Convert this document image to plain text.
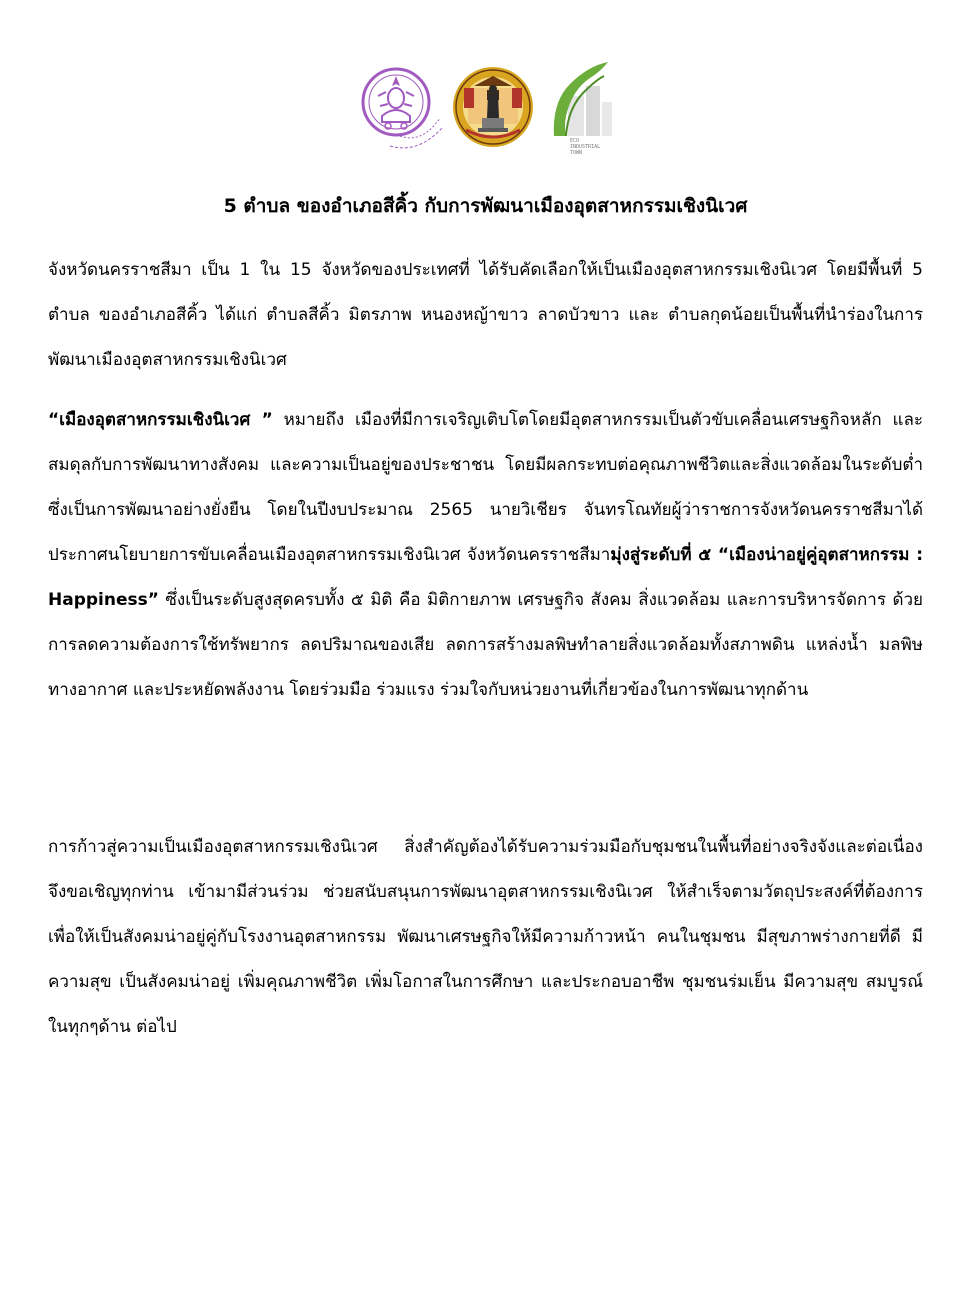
ECO
INDUSTRIAL
TOWN
5 ตำบล ของอำเภอสีคิ้ว กับการพัฒนาเมืองอุตสาหกรรมเชิงนิเวศ

จังหวัดนครราชสีมา เป็น 1 ใน 15 จังหวัดของประเทศที่ ได้รับคัดเลือกให้เป็นเมืองอุตสาหกรรมเชิงนิเวศ โดยมีพื้นที่ 5 ตำบล ของอำเภอสีคิ้ว ได้แก่ ตำบลสีคิ้ว มิตรภาพ หนองหญ้าขาว ลาดบัวขาว และ ตำบลกุดน้อยเป็นพื้นที่นำร่องในการพัฒนาเมืองอุตสาหกรรมเชิงนิเวศ

“เมืองอุตสาหกรรมเชิงนิเวศ ” หมายถึง เมืองที่มีการเจริญเติบโตโดยมีอุตสาหกรรมเป็นตัวขับเคลื่อนเศรษฐกิจหลัก และสมดุลกับการพัฒนาทางสังคม และความเป็นอยู่ของประชาชน โดยมีผลกระทบต่อคุณภาพชีวิตและสิ่งแวดล้อมในระดับต่ำ ซึ่งเป็นการพัฒนาอย่างยั่งยืน โดยในปีงบประมาณ 2565 นายวิเชียร จันทรโณทัยผู้ว่าราชการจังหวัดนครราชสีมาได้ประกาศนโยบายการขับเคลื่อนเมืองอุตสาหกรรมเชิงนิเวศ จังหวัดนครราชสีมามุ่งสู่ระดับที่ ๕ “เมืองน่าอยู่คู่อุตสาหกรรม : Happiness” ซึ่งเป็นระดับสูงสุดครบทั้ง ๕ มิติ คือ มิติกายภาพ เศรษฐกิจ สังคม สิ่งแวดล้อม และการบริหารจัดการ ด้วยการลดความต้องการใช้ทรัพยากร ลดปริมาณของเสีย ลดการสร้างมลพิษทำลายสิ่งแวดล้อมทั้งสภาพดิน แหล่งน้ำ มลพิษทางอากาศ และประหยัดพลังงาน โดยร่วมมือ ร่วมแรง ร่วมใจกับหน่วยงานที่เกี่ยวข้องในการพัฒนาทุกด้าน

การก้าวสู่ความเป็นเมืองอุตสาหกรรมเชิงนิเวศ สิ่งสำคัญต้องได้รับความร่วมมือกับชุมชนในพื้นที่อย่างจริงจังและต่อเนื่อง จึงขอเชิญทุกท่าน เข้ามามีส่วนร่วม ช่วยสนับสนุนการพัฒนาอุตสาหกรรมเชิงนิเวศ ให้สำเร็จตามวัตถุประสงค์ที่ต้องการ เพื่อให้เป็นสังคมน่าอยู่คู่กับโรงงานอุตสาหกรรม พัฒนาเศรษฐกิจให้มีความก้าวหน้า คนในชุมชน มีสุขภาพร่างกายที่ดี มีความสุข เป็นสังคมน่าอยู่ เพิ่มคุณภาพชีวิต เพิ่มโอกาสในการศึกษา และประกอบอาชีพ ชุมชนร่มเย็น มีความสุข สมบูรณ์ในทุกๆด้าน ต่อไป
